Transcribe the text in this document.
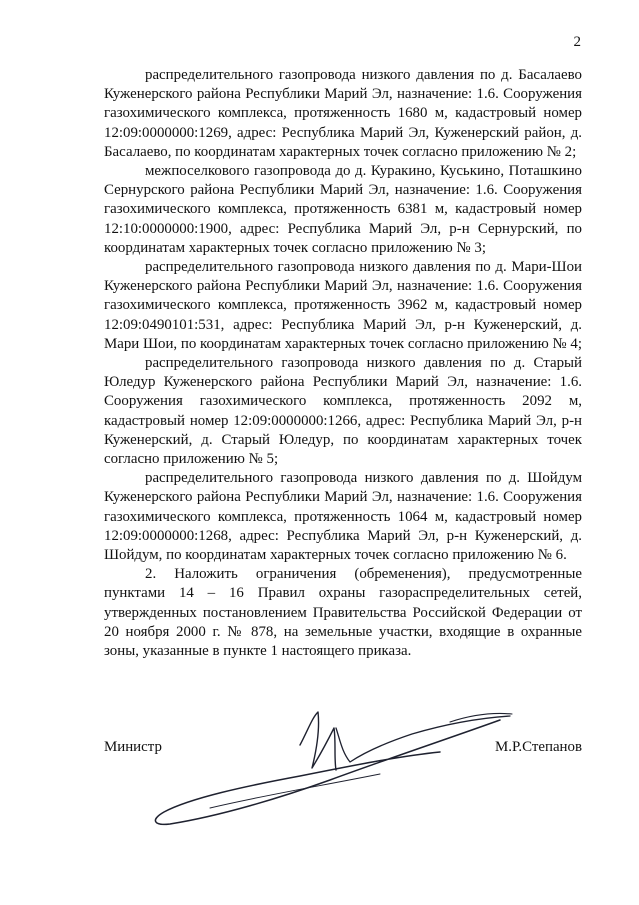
2

распределительного газопровода низкого давления по д. Басалаево Куженерского района Республики Марий Эл, назначение: 1.6. Сооружения газохимического комплекса, протяженность 1680 м, кадастровый номер 12:09:0000000:1269, адрес: Республика Марий Эл, Куженерский район, д. Басалаево, по координатам характерных точек согласно приложению № 2;

межпоселкового газопровода до д. Куракино, Куськино, Поташкино Сернурского района Республики Марий Эл, назначение: 1.6. Сооружения газохимического комплекса, протяженность 6381 м, кадастровый номер 12:10:0000000:1900, адрес: Республика Марий Эл, р-н Сернурский, по координатам характерных точек согласно приложению № 3;

распределительного газопровода низкого давления по д. Мари-Шои Куженерского района Республики Марий Эл, назначение: 1.6. Сооружения газохимического комплекса, протяженность 3962 м, кадастровый номер 12:09:0490101:531, адрес: Республика Марий Эл, р-н Куженерский, д. Мари Шои, по координатам характерных точек согласно приложению № 4;

распределительного газопровода низкого давления по д. Старый Юледур Куженерского района Республики Марий Эл, назначение: 1.6. Сооружения газохимического комплекса, протяженность 2092 м, кадастровый номер 12:09:0000000:1266, адрес: Республика Марий Эл, р-н Куженерский, д. Старый Юледур, по координатам характерных точек согласно приложению № 5;

распределительного газопровода низкого давления по д. Шойдум Куженерского района Республики Марий Эл, назначение: 1.6. Сооружения газохимического комплекса, протяженность 1064 м, кадастровый номер 12:09:0000000:1268, адрес: Республика Марий Эл, р-н Куженерский, д. Шойдум, по координатам характерных точек согласно приложению № 6.

2. Наложить ограничения (обременения), предусмотренные пунктами 14 – 16 Правил охраны газораспределительных сетей, утвержденных постановлением Правительства Российской Федерации от 20 ноября 2000 г. № 878, на земельные участки, входящие в охранные зоны, указанные в пункте 1 настоящего приказа.

Министр	М.Р.Степанов
